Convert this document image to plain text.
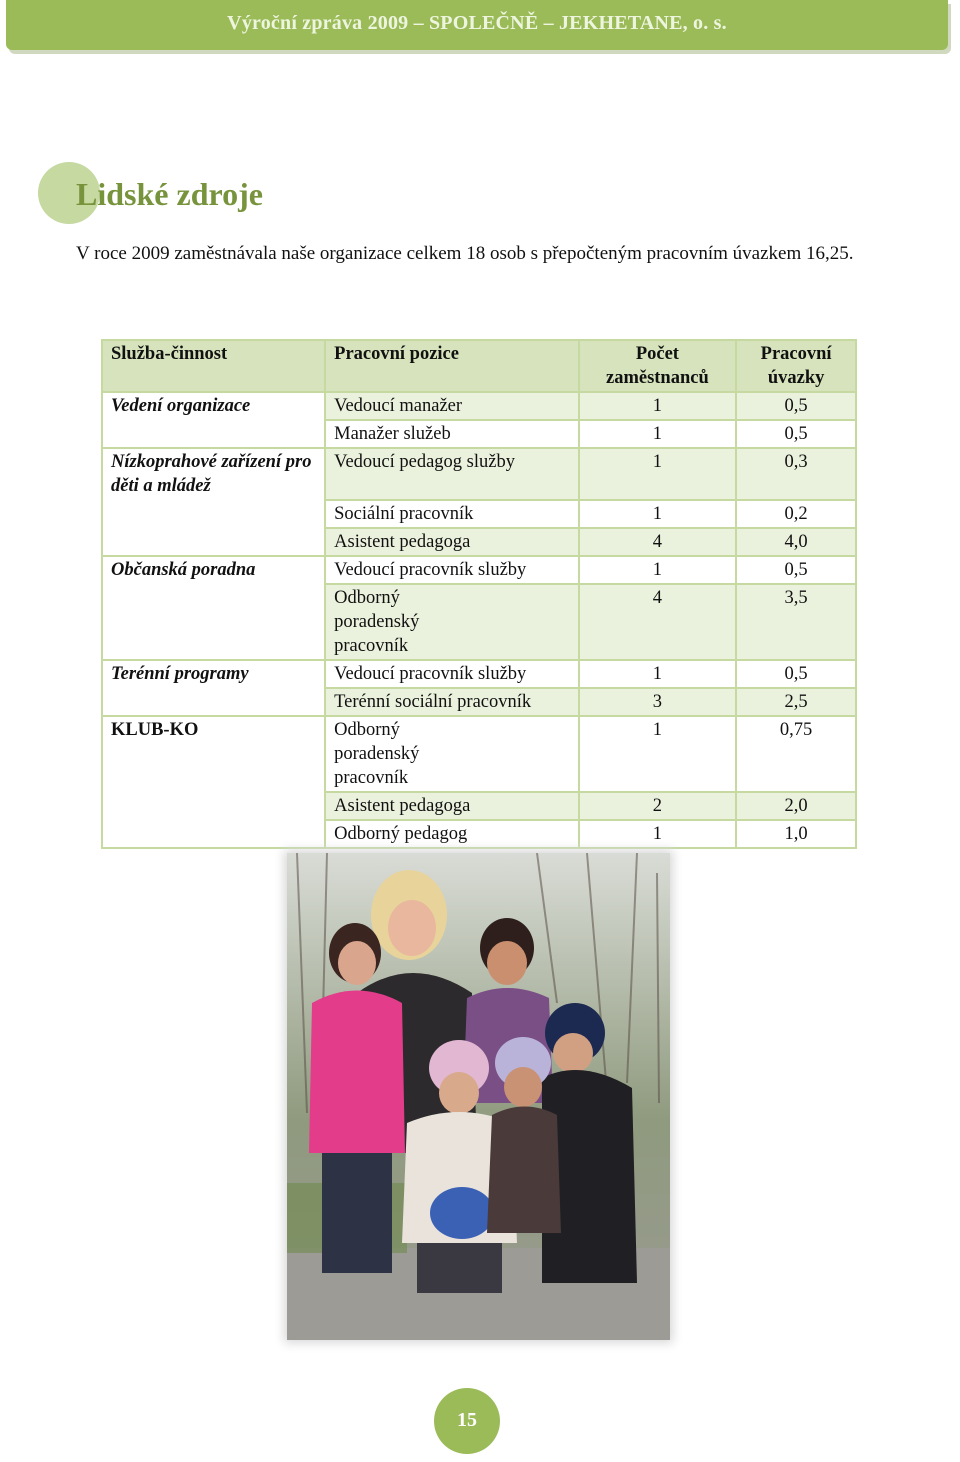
Výroční zpráva 2009 – SPOLEČNĚ – JEKHETANE, o. s.
Lidské zdroje

V roce 2009 zaměstnávala naše organizace celkem 18 osob s přepočteným pracovním úvazkem 16,25.

Služba-činnost	Pracovní pozice	Počet zaměstnanců	Pracovní úvazky
Vedení organizace	Vedoucí manažer	1	0,5
	Manažer služeb	1	0,5
Nízkoprahové zařízení pro děti a mládež	Vedoucí pedagog služby	1	0,3
	Sociální pracovník	1	0,2
	Asistent pedagoga	4	4,0
Občanská poradna	Vedoucí pracovník služby	1	0,5
	Odborný poradenský pracovník	4	3,5
Terénní programy	Vedoucí pracovník služby	1	0,5
	Terénní sociální pracovník	3	2,5
KLUB-KO	Odborný poradenský pracovník	1	0,75
	Asistent pedagoga	2	2,0
	Odborný pedagog	1	1,0
15
